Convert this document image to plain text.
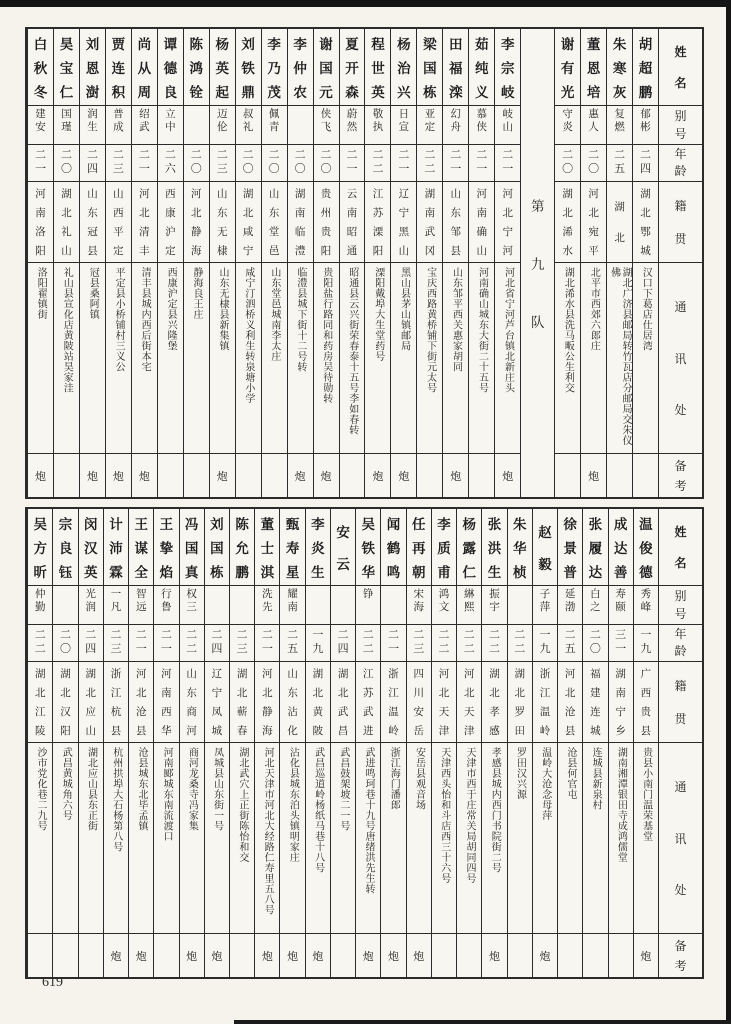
姓
名
别
号
年
龄
籍
贯
通
讯
处
备
考
胡
超
鹏
郁
彬
二
四
湖
北
鄂
城
汉口下葛店仕居湾
朱
寒
灰
复
燃
二
五
湖
北
湖北广济县邮局转竹瓦店分邮局交朱仪佛
董
恩
培
惠
人
二
〇
河
北
宛
平
北平市西郊六郎庄
炮
谢
有
光
守
炎
二
〇
湖
北
浠
水
湖北浠水县洗马畈公生利交
第
九
队
李
宗
岐
岐
山
二
一
河
北
宁
河
河北省宁河芦台镇北新庄头
炮
茹
纯
义
慕
侠
二
一
河
南
确
山
河南确山城东大街二十五号
田
福
滦
幻
舟
二
一
山
东
邹
县
山东邹平西关惠家胡同
炮
梁
国
栋
亚
定
二
二
湖
南
武
冈
宝庆西路黄桥铺下街元太号
杨
治
兴
日
宣
二
一
辽
宁
黑
山
黑山县茅山镇邮局
炮
程
世
英
敬
执
二
二
江
苏
溧
阳
溧阳戴埠大生堂药号
炮
夏
开
森
蔚
然
二
一
云
南
昭
通
昭通县云兴街荣春泰十五号李如春转
谢
国
元
侠
飞
二
〇
贵
州
贵
阳
贵阳盐行路同和药房吴待勋转
炮
李
仲
农
二
〇
湖
南
临
澧
临澧县城下街十二号转
炮
李
乃
茂
佩
青
二
〇
山
东
堂
邑
山东堂邑城南李太庄
刘
铁
鼎
叔
礼
二
〇
湖
北
咸
宁
咸宁汀泗桥义利生转泉塘小学
杨
英
起
迈
伦
二
三
山
东
无
棣
山东无棣县新集镇
炮
陈
鸿
铨
二
〇
河
北
静
海
静海良王庄
谭
德
良
立
中
二
六
西
康
沪
定
西康沪定县兴隆堡
尚
从
周
绍
武
二
一
河
北
清
丰
清丰县城内西后街本宅
炮
贾
连
积
普
成
二
三
山
西
平
定
平定县小桥铺村三义公
炮
刘
恩
澍
润
生
二
四
山
东
冠
县
冠县桑阿镇
炮
昊
宝
仁
国
瑾
二
〇
湖
北
礼
山
礼山县宣化店黄陂站昊家洼
白
秋
冬
建
安
二
一
河
南
洛
阳
洛阳翟镇街
炮
姓
名
别
号
年
龄
籍
贯
通
讯
处
备
考
温
俊
德
秀
峰
一
九
广
西
贵
县
贵县小南门温荣基堂
炮
成
达
善
寿
颐
三
一
湖
南
宁
乡
湖南湘潭银田寺成鸿儒堂
张
履
达
白
之
二
〇
福
建
连
城
连城县新泉村
徐
景
普
延
渤
二
五
河
北
沧
县
沧县何官屯
赵
毅
子
萍
一
九
浙
江
温
岭
温岭大沧念母萍
炮
朱
华
桢
二
二
湖
北
罗
田
罗田汉兴源
张
洪
生
振
宇
二
二
湖
北
孝
感
孝感县城内西门书院街二号
炮
杨
露
仁
綝
熙
二
二
河
北
天
津
天津市西于庄常关局胡同四号
李
质
甫
鸿
文
二
二
河
北
天
津
天津西头怡和斗店西三十六号
任
再
朝
宋
海
二
三
四
川
安
岳
安岳县观音场
炮
闻
鹤
鸣
二
一
浙
江
温
岭
浙江海门潘郎
炮
吴
铁
华
铮
二
二
江
苏
武
进
武进鸣珂巷十九号唐绪洪先生转
炮
安
云
二
四
湖
北
武
昌
武昌鼓架坡二一号
李
炎
生
一
九
湖
北
黄
陂
武昌巡道岭杨纸马巷十八号
炮
甄
寿
星
耀
南
二
五
山
东
沾
化
沾化县城东泊头镇明家庄
炮
董
士
淇
洗
先
二
一
河
北
静
海
河北天津市河北大经路仁寿里五八号
炮
陈
允
鹏
二
三
湖
北
蕲
春
湖北武穴上正街陈怡和交
刘
国
栋
二
四
辽
宁
凤
城
凤城县山东街一号
炮
冯
国
真
权
三
二
二
山
东
商
河
商河龙桑寺冯家集
炮
王
挚
焰
行
鲁
二
一
河
南
西
华
河南郾城东南流渡口
王
谋
全
智
远
二
一
河
北
沧
县
沧县城东北毕孟镇
炮
计
沛
霖
一
凡
二
三
浙
江
杭
县
杭州拱埠大石杨第八号
炮
闵
汉
英
光
润
二
四
湖
北
应
山
湖北应山县东正街
宗
良
钰
二
〇
湖
北
汉
阳
武昌黄城角六号
吴
方
昕
仲
勤
二
二
湖
北
江
陵
沙市党化巷二九号
619
